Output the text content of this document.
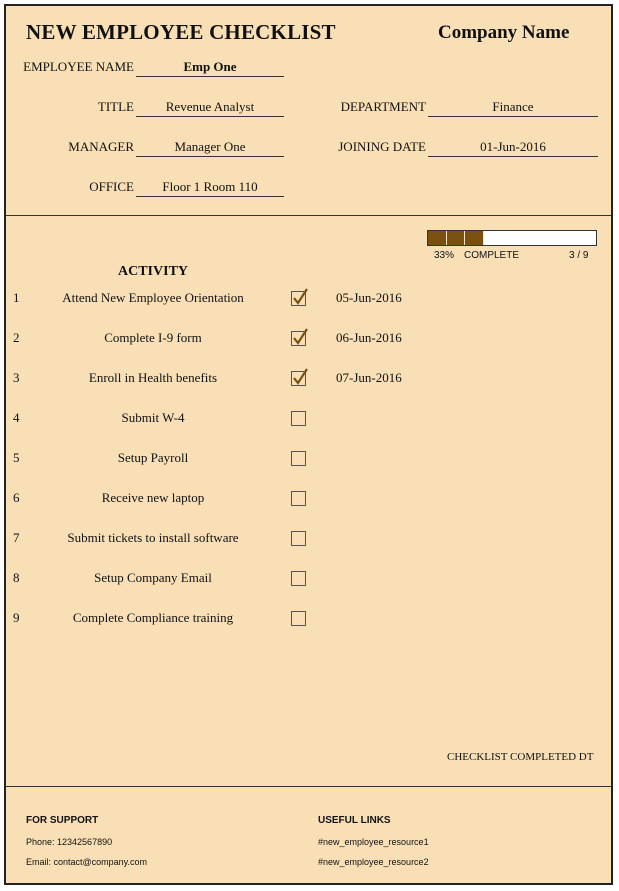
NEW EMPLOYEE CHECKLIST	Company Name
EMPLOYEE NAME	Emp One
TITLE	Revenue Analyst	DEPARTMENT	Finance
MANAGER	Manager One	JOINING DATE	01-Jun-2016
OFFICE	Floor 1 Room 110
33% COMPLETE	3 / 9
ACTIVITY
1	Attend New Employee Orientation	05-Jun-2016
2	Complete I-9 form	06-Jun-2016
3	Enroll in Health benefits	07-Jun-2016
4	Submit W-4
5	Setup Payroll
6	Receive new laptop
7	Submit tickets to install software
8	Setup Company Email
9	Complete Compliance training
CHECKLIST COMPLETED DT
FOR SUPPORT
Phone: 12342567890
Email: contact@company.com
USEFUL LINKS
#new_employee_resource1
#new_employee_resource2
